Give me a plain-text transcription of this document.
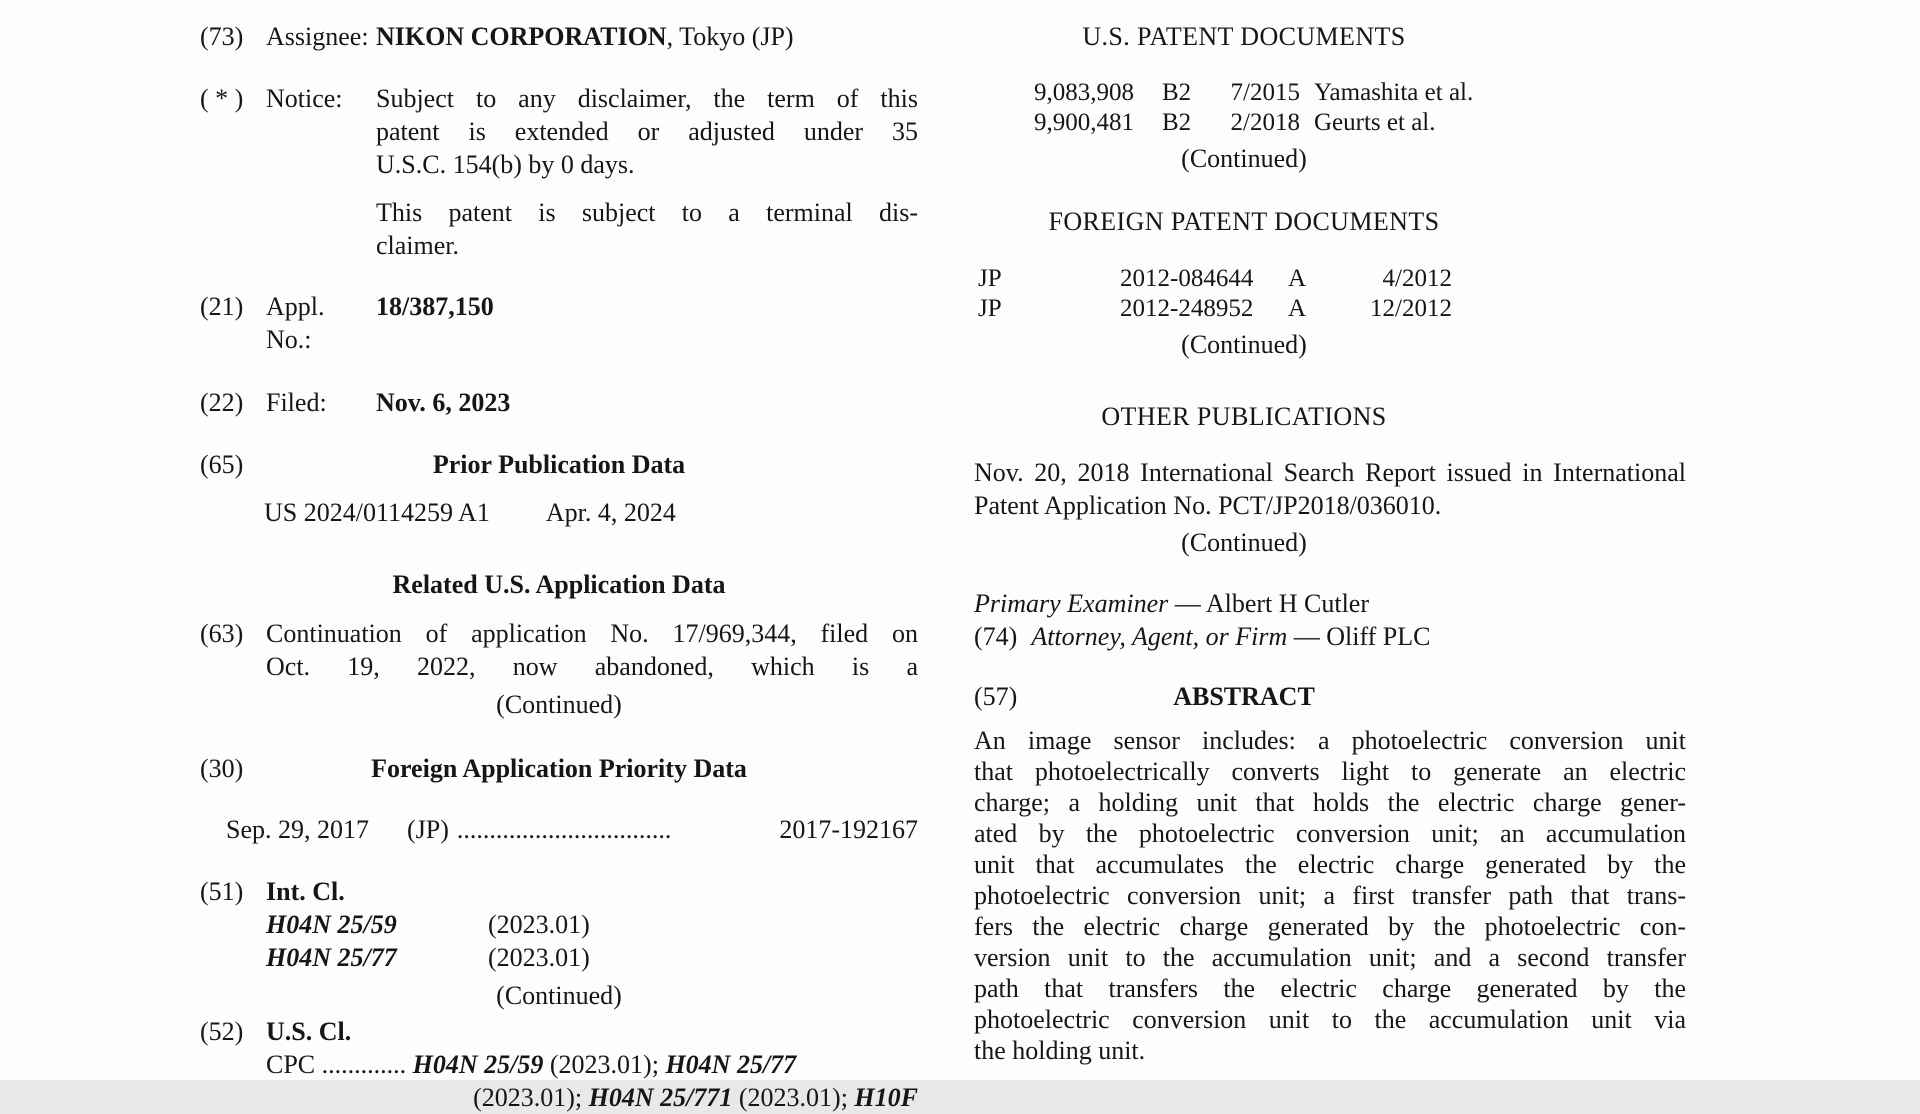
(73) Assignee: NIKON CORPORATION, Tokyo (JP)
( * ) Notice:	Subject to any disclaimer, the term of this
patent is extended or adjusted under 35
U.S.C. 154(b) by 0 days.
This patent is subject to a terminal dis-
claimer.
(21) Appl. No.:
18/387,150
(22) Filed:	Nov. 6, 2023
(65)	Prior Publication Data
US 2024/0114259 A1 Apr. 4, 2024
Related U.S. Application Data
(63) Continuation of application No. 17/969,344, filed on
Oct. 19, 2022, now abandoned, which is a
(Continued)
(30)	Foreign Application Priority Data
Sep. 29, 2017 (JP) .................................	2017-192167
(51) Int. Cl.
H04N 25/59	(2023.01)
H04N 25/77	(2023.01)
(Continued)
(52) U.S. Cl.
CPC ............. H04N 25/59 (2023.01); H04N 25/77
(2023.01); H04N 25/771 (2023.01); H10F
U.S. PATENT DOCUMENTS
9,083,908	B2	7/2015 Yamashita et al.
9,900,481	B2	2/2018 Geurts et al.
(Continued)
FOREIGN PATENT DOCUMENTS
JP	2012-084644	A	4/2012
JP	2012-248952	A	12/2012
(Continued)
OTHER PUBLICATIONS
Nov. 20, 2018 International Search Report issued in International
Patent Application No. PCT/JP2018/036010.
(Continued)
Primary Examiner — Albert H Cutler
(74) Attorney, Agent, or Firm — Oliff PLC
(57)	ABSTRACT
An image sensor includes: a photoelectric conversion unit
that photoelectrically converts light to generate an electric
charge; a holding unit that holds the electric charge gener-
ated by the photoelectric conversion unit; an accumulation
unit that accumulates the electric charge generated by the
photoelectric conversion unit; a first transfer path that trans-
fers the electric charge generated by the photoelectric con-
version unit to the accumulation unit; and a second transfer
path that transfers the electric charge generated by the
photoelectric conversion unit to the accumulation unit via
the holding unit.
